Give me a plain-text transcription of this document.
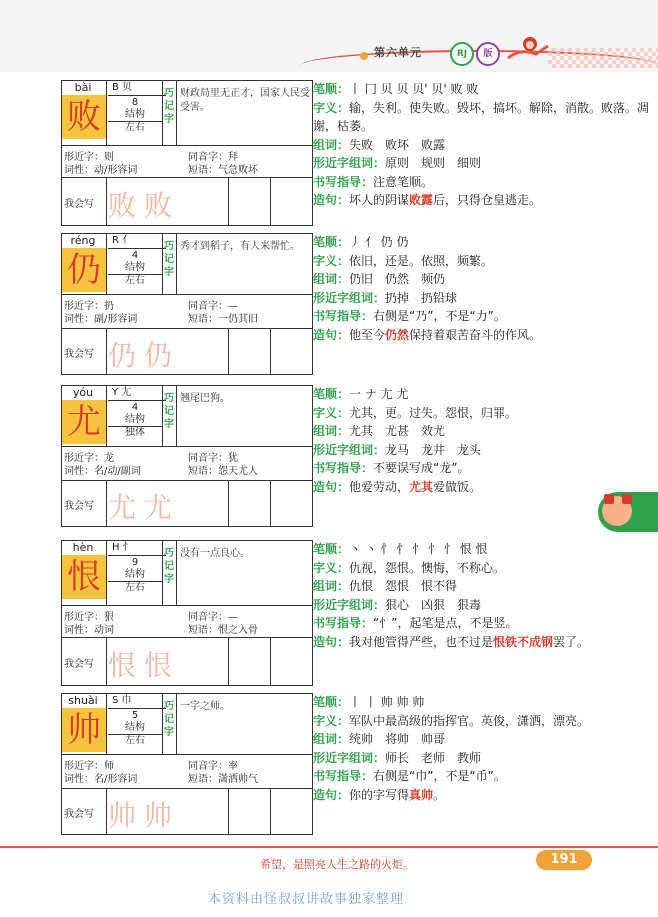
第六单元	RJ	版
bài
败
B 贝
8
结构
左右
巧
记
字
财政局里无正才，国家人民受受害。
形近字：则	同音字：拜
词性：动/形容词	短语：气急败坏
我会写 败败
笔顺：丨 冂 贝 贝 贝' 贝' 败 败
字义：输，失利。使失败。毁坏，搞坏。解除，消散。败落。凋谢，枯萎。
组词：失败　败坏　败露
形近字组词：原则　规则　细则
书写指导：注意笔顺。
造句：坏人的阴谋败露后，只得仓皇逃走。
réng
仍
R 亻
4
结构
左右
巧
记
字
秀才到稻子，有人来帮忙。
形近字：扔	同音字：—
词性：副/形容词	短语：一仍其旧
我会写 仍仍
笔顺：丿 亻 仍 仍
字义：依旧，还是。依照，频繁。
组词：仍旧　仍然　频仍
形近字组词：扔掉　扔铅球
书写指导：右侧是“乃”，不是“力”。
造句：他至今仍然保持着艰苦奋斗的作风。
yóu
尤
Y 尢
4
结构
独体
巧
记
字
翘尾巴狗。
形近字：龙	同音字：犹
词性：名/动/副词	短语：怨天尤人
我会写 尤尤
笔顺：一 ナ 尢 尤
字义：尤其，更。过失。怨恨，归罪。
组词：尤其　尤甚　效尤
形近字组词：龙马　龙井　龙头
书写指导：不要误写成“龙”。
造句：他爱劳动，尤其爱做饭。
hèn
恨
H 忄
9
结构
左右
巧
记
字
没有一点良心。
形近字：狠	同音字：—
词性：动词	短语：恨之入骨
我会写 恨恨
笔顺：丶 丶 忄 忄 忄 忄 忄 恨 恨
字义：仇视，怨恨。懊悔，不称心。
组词：仇恨　怨恨　恨不得
形近字组词：狠心　凶狠　狠毒
书写指导：“忄”，起笔是点，不是竖。
造句：我对他管得严些，也不过是恨铁不成钢罢了。
shuài
帅
S 巾
5
结构
左右
巧
记
字
一字之师。
形近字：师	同音字：率
词性：名/形容词	短语：潇洒帅气
我会写 帅帅
笔顺：丨 丨 帅 帅 帅
字义：军队中最高级的指挥官。英俊，潇洒，漂亮。
组词：统帅　将帅　帅哥
形近字组词：师长　老师　教师
书写指导：右侧是“巾”，不是“币”。
造句：你的字写得真帅。
希望，是照亮人生之路的火炬。	191
本资料由怪叔叔讲故事独家整理
